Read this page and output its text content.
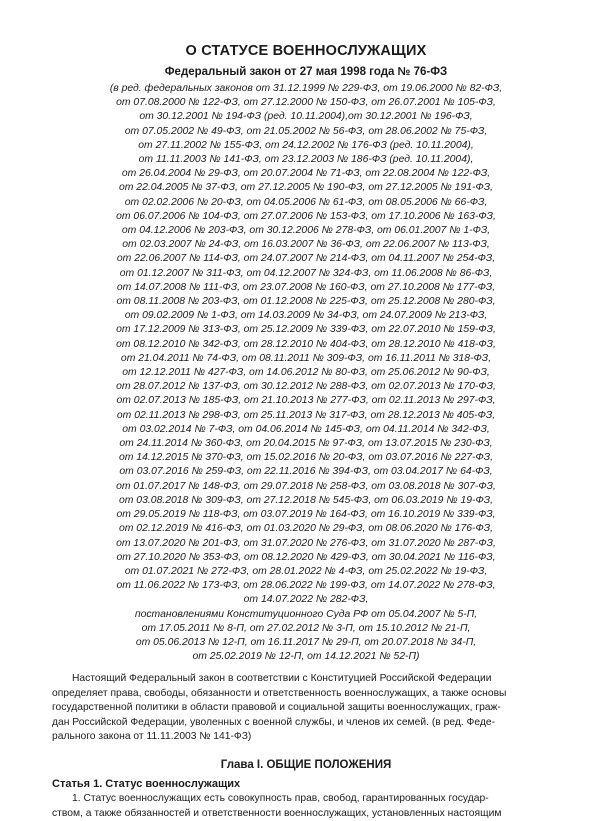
О СТАТУСЕ ВОЕННОСЛУЖАЩИХ
Федеральный закон от 27 мая 1998 года № 76-ФЗ
(в ред. федеральных законов от 31.12.1999 № 229-ФЗ, от 19.06.2000 № 82-ФЗ,
от 07.08.2000 № 122-ФЗ, от 27.12.2000 № 150-ФЗ, от 26.07.2001 № 105-ФЗ,
от 30.12.2001 № 194-ФЗ (ред. 10.11.2004),от 30.12.2001 № 196-ФЗ,
от 07.05.2002 № 49-ФЗ, от 21.05.2002 № 56-ФЗ, от 28.06.2002 № 75-ФЗ,
от 27.11.2002 № 155-ФЗ, от 24.12.2002 № 176-ФЗ (ред. 10.11.2004),
от 11.11.2003 № 141-ФЗ, от 23.12.2003 № 186-ФЗ (ред. 10.11.2004),
от 26.04.2004 № 29-ФЗ, от 20.07.2004 № 71-ФЗ, от 22.08.2004 № 122-ФЗ,
от 22.04.2005 № 37-ФЗ, от 27.12.2005 № 190-ФЗ, от 27.12.2005 № 191-ФЗ,
от 02.02.2006 № 20-ФЗ, от 04.05.2006 № 61-ФЗ, от 08.05.2006 № 66-ФЗ,
от 06.07.2006 № 104-ФЗ, от 27.07.2006 № 153-ФЗ, от 17.10.2006 № 163-ФЗ,
от 04.12.2006 № 203-ФЗ, от 30.12.2006 № 278-ФЗ, от 06.01.2007 № 1-ФЗ,
от 02.03.2007 № 24-ФЗ, от 16.03.2007 № 36-ФЗ, от 22.06.2007 № 113-ФЗ,
от 22.06.2007 № 114-ФЗ, от 24.07.2007 № 214-ФЗ, от 04.11.2007 № 254-ФЗ,
от 01.12.2007 № 311-ФЗ, от 04.12.2007 № 324-ФЗ, от 11.06.2008 № 86-ФЗ,
от 14.07.2008 № 111-ФЗ, от 23.07.2008 № 160-ФЗ, от 27.10.2008 № 177-ФЗ,
от 08.11.2008 № 203-ФЗ, от 01.12.2008 № 225-ФЗ, от 25.12.2008 № 280-ФЗ,
от 09.02.2009 № 1-ФЗ, от 14.03.2009 № 34-ФЗ, от 24.07.2009 № 213-ФЗ,
от 17.12.2009 № 313-ФЗ, от 25.12.2009 № 339-ФЗ, от 22.07.2010 № 159-ФЗ,
от 08.12.2010 № 342-ФЗ, от 28.12.2010 № 404-ФЗ, от 28.12.2010 № 418-ФЗ,
от 21.04.2011 № 74-ФЗ, от 08.11.2011 № 309-ФЗ, от 16.11.2011 № 318-ФЗ,
от 12.12.2011 № 427-ФЗ, от 14.06.2012 № 80-ФЗ, от 25.06.2012 № 90-ФЗ,
от 28.07.2012 № 137-ФЗ, от 30.12.2012 № 288-ФЗ, от 02.07.2013 № 170-ФЗ,
от 02.07.2013 № 185-ФЗ, от 21.10.2013 № 277-ФЗ, от 02.11.2013 № 297-ФЗ,
от 02.11.2013 № 298-ФЗ, от 25.11.2013 № 317-ФЗ, от 28.12.2013 № 405-ФЗ,
от 03.02.2014 № 7-ФЗ, от 04.06.2014 № 145-ФЗ, от 04.11.2014 № 342-ФЗ,
от 24.11.2014 № 360-ФЗ, от 20.04.2015 № 97-ФЗ, от 13.07.2015 № 230-ФЗ,
от 14.12.2015 № 370-ФЗ, от 15.02.2016 № 20-ФЗ, от 03.07.2016 № 227-ФЗ,
от 03.07.2016 № 259-ФЗ, от 22.11.2016 № 394-ФЗ, от 03.04.2017 № 64-ФЗ,
от 01.07.2017 № 148-ФЗ, от 29.07.2018 № 258-ФЗ, от 03.08.2018 № 307-ФЗ,
от 03.08.2018 № 309-ФЗ, от 27.12.2018 № 545-ФЗ, от 06.03.2019 № 19-ФЗ,
от 29.05.2019 № 118-ФЗ, от 03.07.2019 № 164-ФЗ, от 16.10.2019 № 339-ФЗ,
от 02.12.2019 № 416-ФЗ, от 01.03.2020 № 29-ФЗ, от 08.06.2020 № 176-ФЗ,
от 13.07.2020 № 201-ФЗ, от 31.07.2020 № 276-ФЗ, от 31.07.2020 № 287-ФЗ,
от 27.10.2020 № 353-ФЗ, от 08.12.2020 № 429-ФЗ, от 30.04.2021 № 116-ФЗ,
от 01.07.2021 № 272-ФЗ, от 28.01.2022 № 4-ФЗ, от 25.02.2022 № 19-ФЗ,
от 11.06.2022 № 173-ФЗ, от 28.06.2022 № 199-ФЗ, от 14.07.2022 № 278-ФЗ,
от 14.07.2022 № 282-ФЗ,
постановлениями Конституционного Суда РФ от 05.04.2007 № 5-П,
от 17.05.2011 № 8-П, от 27.02.2012 № 3-П, от 15.10.2012 № 21-П,
от 05.06.2013 № 12-П, от 16.11.2017 № 29-П, от 20.07.2018 № 34-П,
от 25.02.2019 № 12-П, от 14.12.2021 № 52-П)
Настоящий Федеральный закон в соответствии с Конституцией Российской Федерации
определяет права, свободы, обязанности и ответственность военнослужащих, а также основы
государственной политики в области правовой и социальной защиты военнослужащих, граж-
дан Российской Федерации, уволенных с военной службы, и членов их семей. (в ред. Феде-
рального закона от 11.11.2003 № 141-ФЗ)
Глава I. ОБЩИЕ ПОЛОЖЕНИЯ
Статья 1. Статус военнослужащих
1. Статус военнослужащих есть совокупность прав, свобод, гарантированных государ-
ством, а также обязанностей и ответственности военнослужащих, установленных настоящим
